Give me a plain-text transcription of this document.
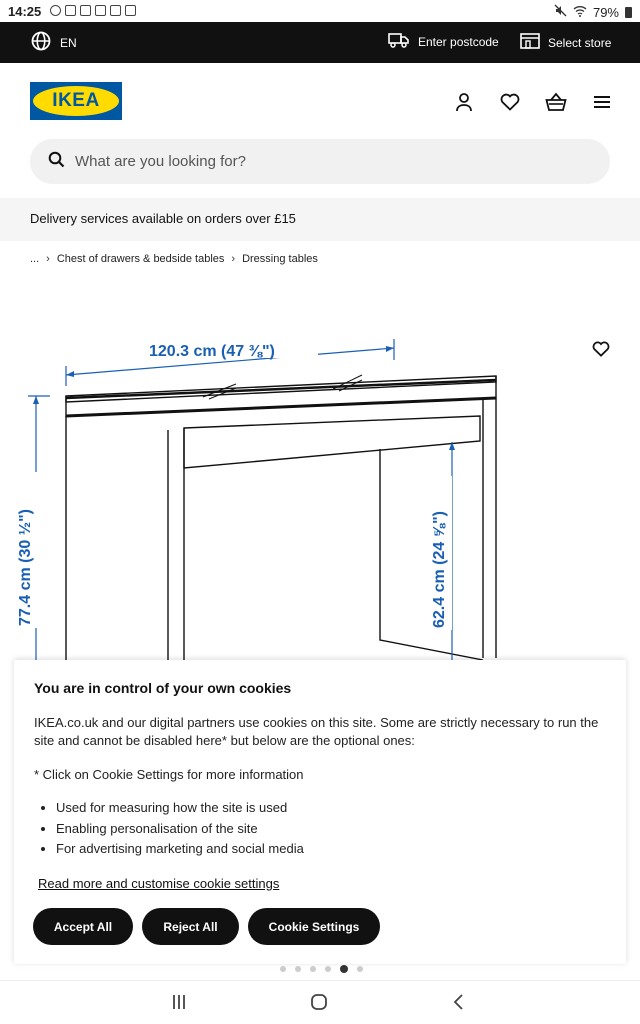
14:25	79%
EN	Enter postcode	Select store
IKEA
What are you looking for?
Delivery services available on orders over £15
... › Chest of drawers & bedside tables › Dressing tables
120.3 cm (47 ⅜")
77.4 cm (30 ½")	62.4 cm (24 ⅝")
You are in control of your own cookies

IKEA.co.uk and our digital partners use cookies on this site. Some are strictly necessary to run the site and cannot be disabled here* but below are the optional ones:

* Click on Cookie Settings for more information

• Used for measuring how the site is used
• Enabling personalisation of the site
• For advertising marketing and social media
Read more and customise cookie settings
Accept All	Reject All	Cookie Settings
